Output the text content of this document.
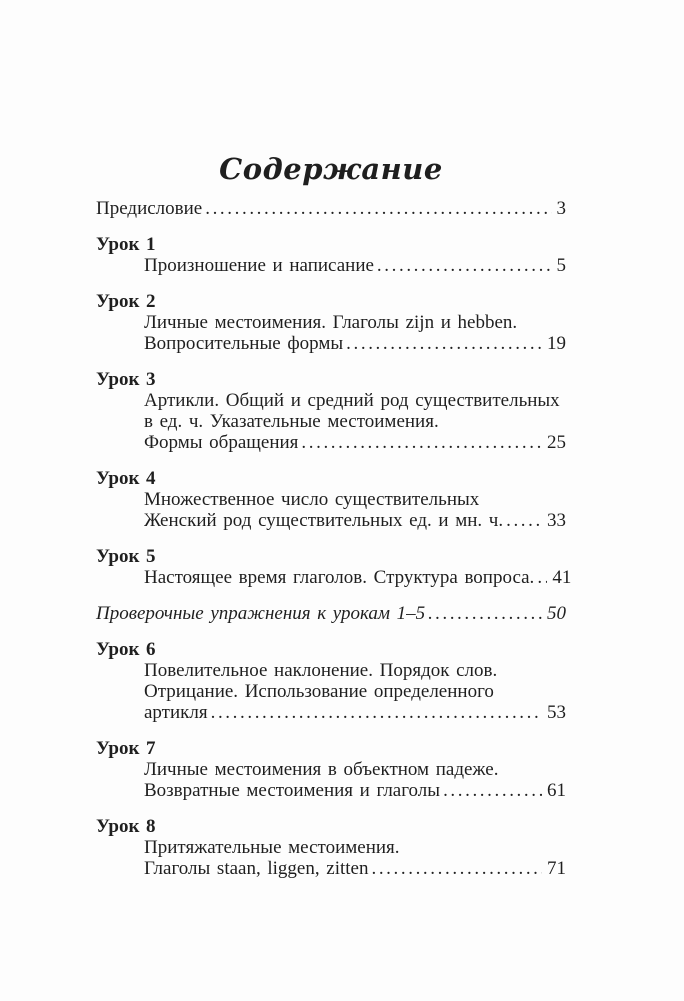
Содержание
Предисловие .....	3
Урок 1
Произношение и написание .....	5
Урок 2
Личные местоимения. Глаголы zijn и hebben.
Вопросительные формы .....	19
Урок 3
Артикли. Общий и средний род существительных
в ед. ч. Указательные местоимения.
Формы обращения .....	25
Урок 4
Множественное число существительных
Женский род существительных ед. и мн. ч. ..... 33
Урок 5
Настоящее время глаголов. Структура вопроса. ..... 41
Проверочные упражнения к урокам 1–5 .....	50
Урок 6
Повелительное наклонение. Порядок слов.
Отрицание. Использование определенного
артикля .....	53
Урок 7
Личные местоимения в объектном падеже.
Возвратные местоимения и глаголы .....	61
Урок 8
Притяжательные местоимения.
Глаголы staan, liggen, zitten .....	71
